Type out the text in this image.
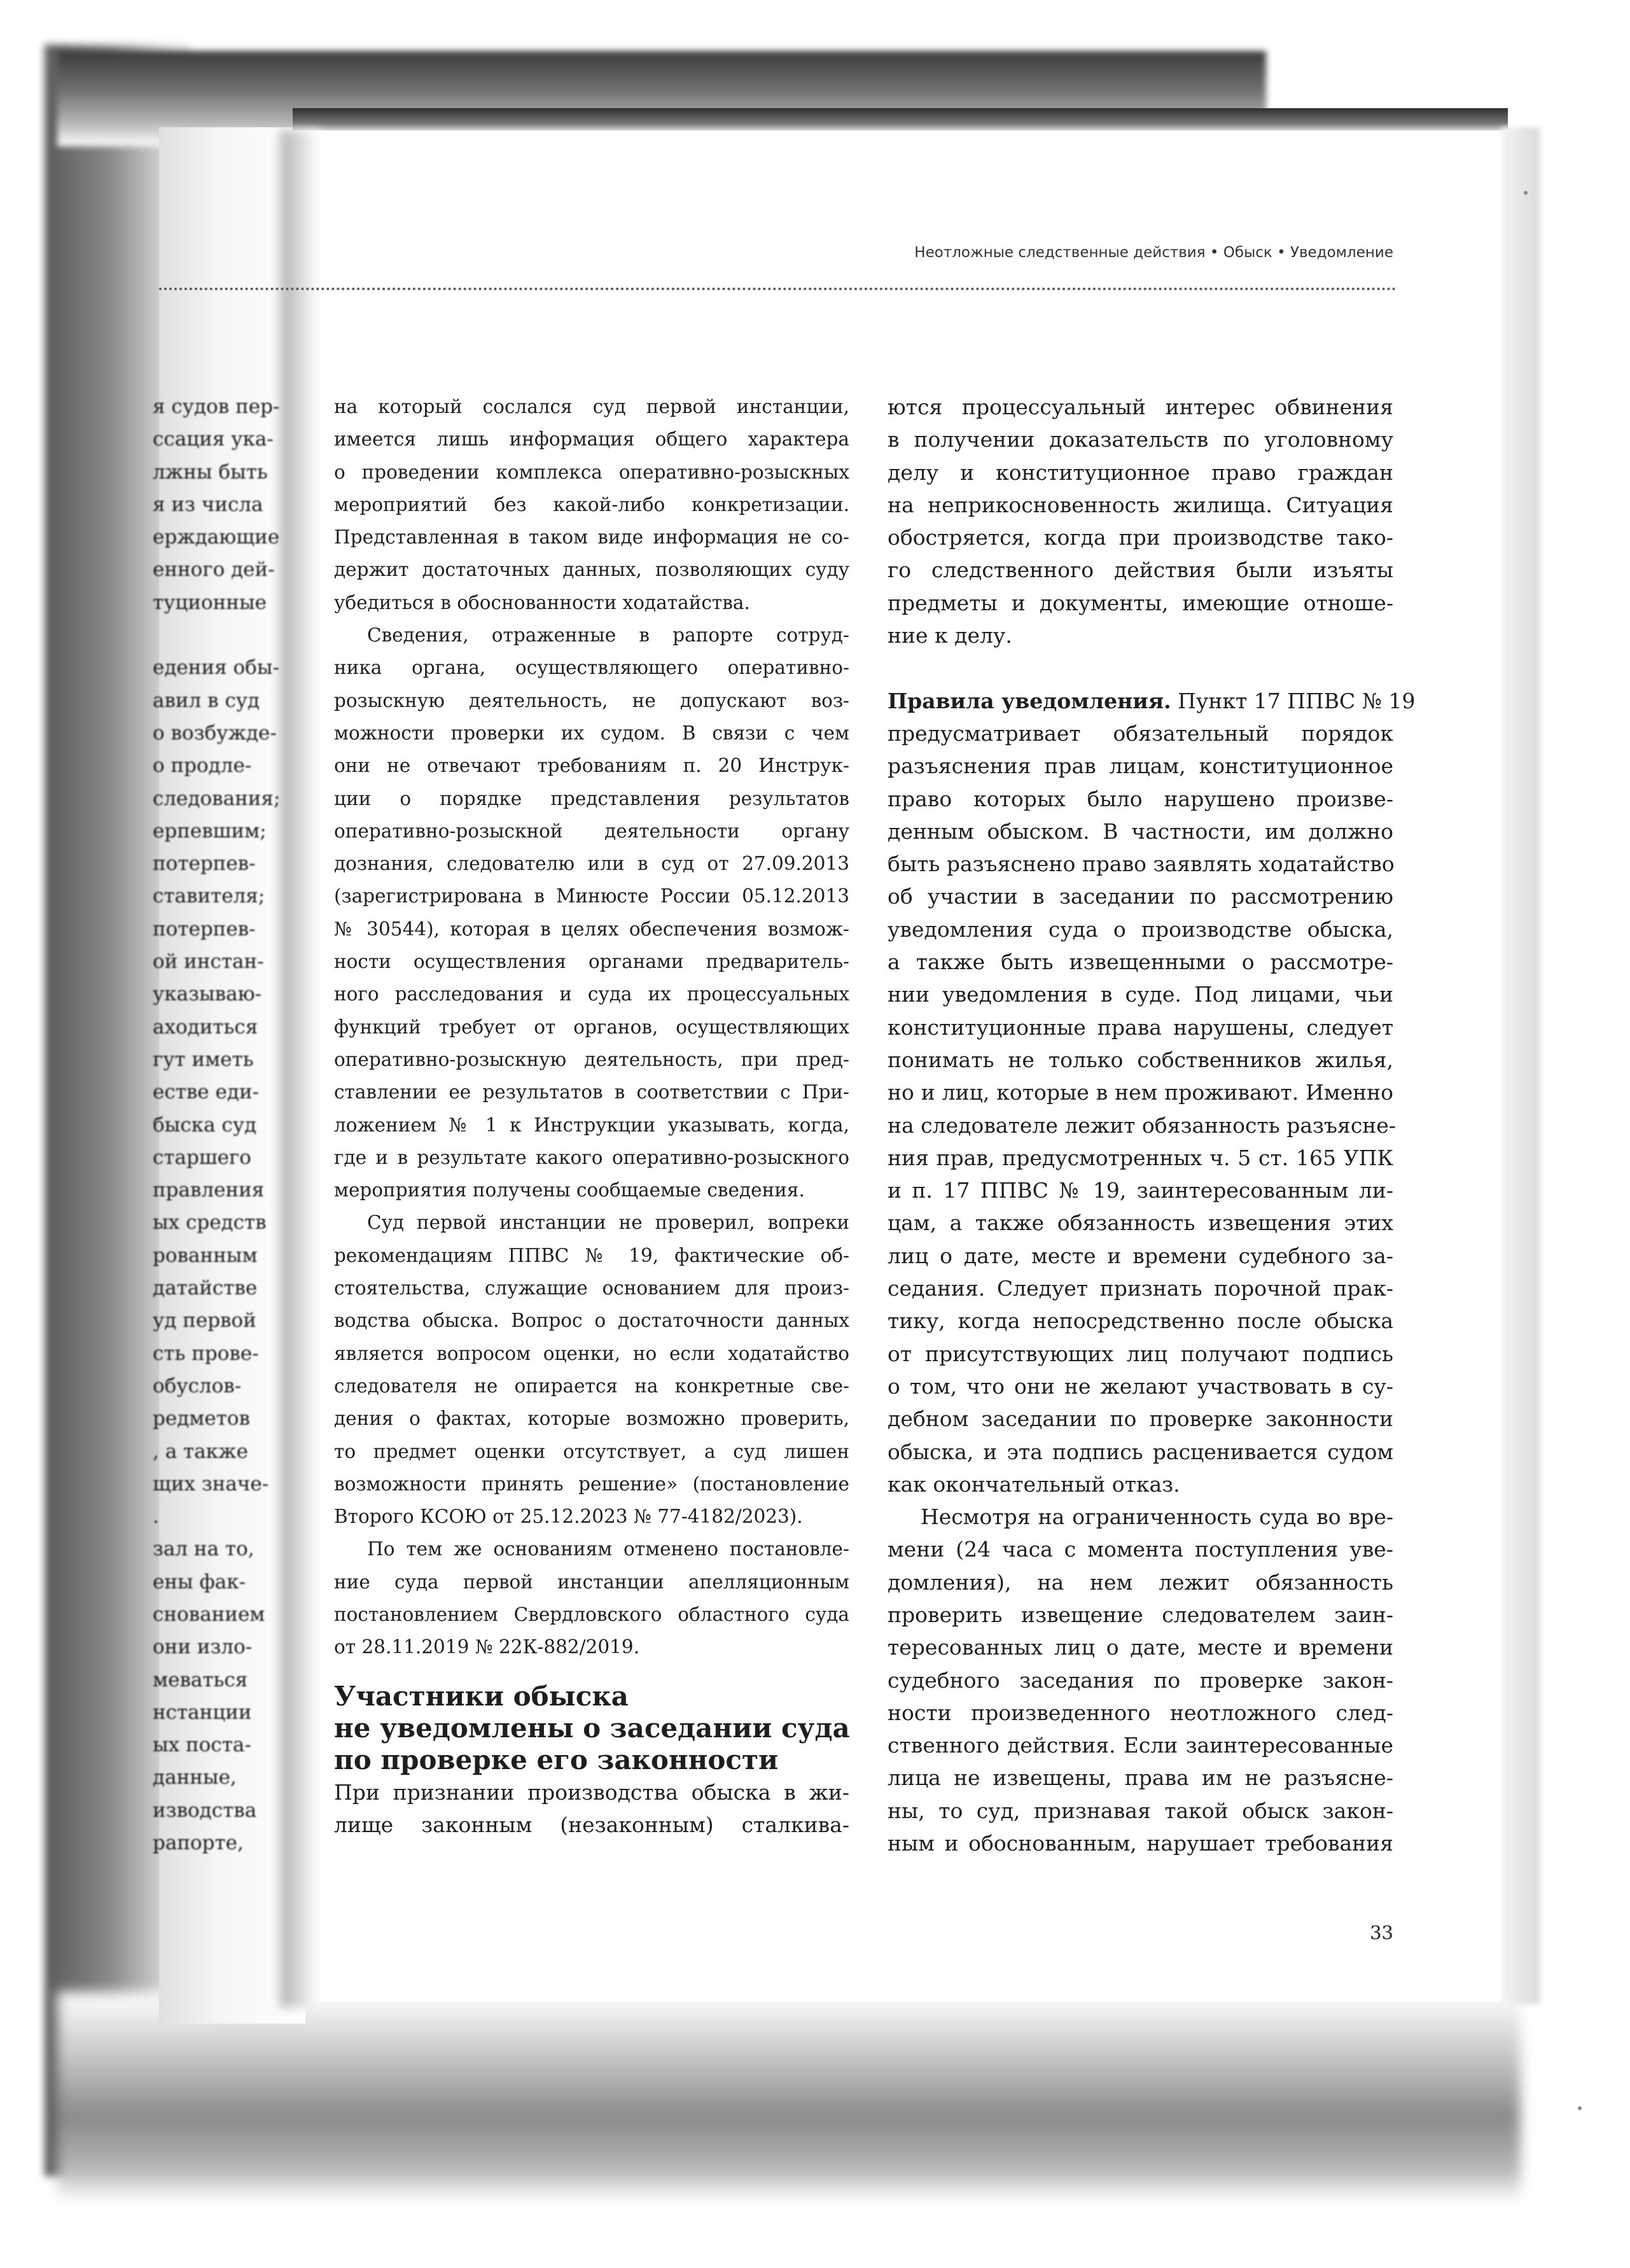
Неотложные следственные действия • Обыск • Уведомление
я судов пер-
ссация ука-
лжны быть
я из числа
ерждающие
енного дей-
туционные
едения обы-
авил в суд
о возбужде-
о продле-
следования;
ерпевшим;
потерпев-
ставителя;
потерпев-
ой инстан-
указываю-
аходиться
гут иметь
естве еди-
быска суд
старшего
правления
ых средств
рованным
датайстве
уд первой
сть прове-
обуслов-
редметов
, а также
щих значе-
.
зал на то,
ены фак-
снованием
они изло-
меваться
нстанции
ых поста-
данные,
изводства
рапорте,
на который сослался суд первой инстанции,
имеется лишь информация общего характера
о проведении комплекса оперативно-розыскных
мероприятий без какой-либо конкретизации.
Представленная в таком виде информация не со-
держит достаточных данных, позволяющих суду
убедиться в обоснованности ходатайства.
Сведения, отраженные в рапорте сотруд-
ника органа, осуществляющего оперативно-
розыскную деятельность, не допускают воз-
можности проверки их судом. В связи с чем
они не отвечают требованиям п. 20 Инструк-
ции о порядке представления результатов
оперативно-розыскной деятельности органу
дознания, следователю или в суд от 27.09.2013
(зарегистрирована в Минюсте России 05.12.2013
№ 30544), которая в целях обеспечения возмож-
ности осуществления органами предваритель-
ного расследования и суда их процессуальных
функций требует от органов, осуществляющих
оперативно-розыскную деятельность, при пред-
ставлении ее результатов в соответствии с При-
ложением № 1 к Инструкции указывать, когда,
где и в результате какого оперативно-розыскного
мероприятия получены сообщаемые сведения.
Суд первой инстанции не проверил, вопреки
рекомендациям ППВС № 19, фактические об-
стоятельства, служащие основанием для произ-
водства обыска. Вопрос о достаточности данных
является вопросом оценки, но если ходатайство
следователя не опирается на конкретные све-
дения о фактах, которые возможно проверить,
то предмет оценки отсутствует, а суд лишен
возможности принять решение» (постановление
Второго КСОЮ от 25.12.2023 № 77-4182/2023).
По тем же основаниям отменено постановле-
ние суда первой инстанции апелляционным
постановлением Свердловского областного суда
от 28.11.2019 № 22К-882/2019.
Участники обыска
не уведомлены о заседании суда
по проверке его законности
При признании производства обыска в жи-
лище законным (незаконным) сталкива-
ются процессуальный интерес обвинения
в получении доказательств по уголовному
делу и конституционное право граждан
на неприкосновенность жилища. Ситуация
обостряется, когда при производстве тако-
го следственного действия были изъяты
предметы и документы, имеющие отноше-
ние к делу.
Правила уведомления. Пункт 17 ППВС № 19
предусматривает обязательный порядок
разъяснения прав лицам, конституционное
право которых было нарушено произве-
денным обыском. В частности, им должно
быть разъяснено право заявлять ходатайство
об участии в заседании по рассмотрению
уведомления суда о производстве обыска,
а также быть извещенными о рассмотре-
нии уведомления в суде. Под лицами, чьи
конституционные права нарушены, следует
понимать не только собственников жилья,
но и лиц, которые в нем проживают. Именно
на следователе лежит обязанность разъясне-
ния прав, предусмотренных ч. 5 ст. 165 УПК
и п. 17 ППВС № 19, заинтересованным ли-
цам, а также обязанность извещения этих
лиц о дате, месте и времени судебного за-
седания. Следует признать порочной прак-
тику, когда непосредственно после обыска
от присутствующих лиц получают подпись
о том, что они не желают участвовать в су-
дебном заседании по проверке законности
обыска, и эта подпись расценивается судом
как окончательный отказ.
Несмотря на ограниченность суда во вре-
мени (24 часа с момента поступления уве-
домления), на нем лежит обязанность
проверить извещение следователем заин-
тересованных лиц о дате, месте и времени
судебного заседания по проверке закон-
ности произведенного неотложного след-
ственного действия. Если заинтересованные
лица не извещены, права им не разъясне-
ны, то суд, признавая такой обыск закон-
ным и обоснованным, нарушает требования
33
